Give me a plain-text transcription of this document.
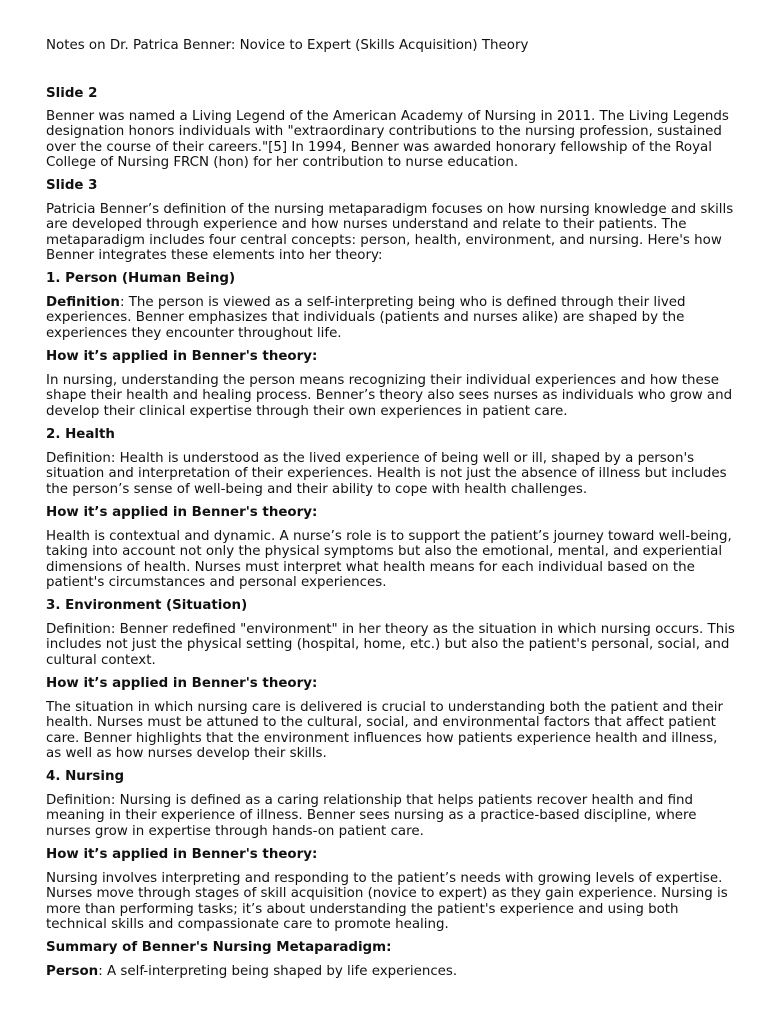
Notes on Dr. Patrica Benner: Novice to Expert (Skills Acquisition) Theory

Slide 2

Benner was named a Living Legend of the American Academy of Nursing in 2011. The Living Legends designation honors individuals with "extraordinary contributions to the nursing profession, sustained over the course of their careers."[5] In 1994, Benner was awarded honorary fellowship of the Royal College of Nursing FRCN (hon) for her contribution to nurse education.

Slide 3

Patricia Benner’s definition of the nursing metaparadigm focuses on how nursing knowledge and skills are developed through experience and how nurses understand and relate to their patients. The metaparadigm includes four central concepts: person, health, environment, and nursing. Here's how Benner integrates these elements into her theory:

1. Person (Human Being)

Definition: The person is viewed as a self-interpreting being who is defined through their lived experiences. Benner emphasizes that individuals (patients and nurses alike) are shaped by the experiences they encounter throughout life.

How it’s applied in Benner's theory:

In nursing, understanding the person means recognizing their individual experiences and how these shape their health and healing process. Benner’s theory also sees nurses as individuals who grow and develop their clinical expertise through their own experiences in patient care.

2. Health

Definition: Health is understood as the lived experience of being well or ill, shaped by a person's situation and interpretation of their experiences. Health is not just the absence of illness but includes the person’s sense of well-being and their ability to cope with health challenges.

How it’s applied in Benner's theory:

Health is contextual and dynamic. A nurse’s role is to support the patient’s journey toward well-being, taking into account not only the physical symptoms but also the emotional, mental, and experiential dimensions of health. Nurses must interpret what health means for each individual based on the patient's circumstances and personal experiences.

3. Environment (Situation)

Definition: Benner redefined "environment" in her theory as the situation in which nursing occurs. This includes not just the physical setting (hospital, home, etc.) but also the patient's personal, social, and cultural context.

How it’s applied in Benner's theory:

The situation in which nursing care is delivered is crucial to understanding both the patient and their health. Nurses must be attuned to the cultural, social, and environmental factors that affect patient care. Benner highlights that the environment influences how patients experience health and illness, as well as how nurses develop their skills.

4. Nursing

Definition: Nursing is defined as a caring relationship that helps patients recover health and find meaning in their experience of illness. Benner sees nursing as a practice-based discipline, where nurses grow in expertise through hands-on patient care.

How it’s applied in Benner's theory:

Nursing involves interpreting and responding to the patient’s needs with growing levels of expertise. Nurses move through stages of skill acquisition (novice to expert) as they gain experience. Nursing is more than performing tasks; it’s about understanding the patient's experience and using both technical skills and compassionate care to promote healing.

Summary of Benner's Nursing Metaparadigm:

Person: A self-interpreting being shaped by life experiences.
